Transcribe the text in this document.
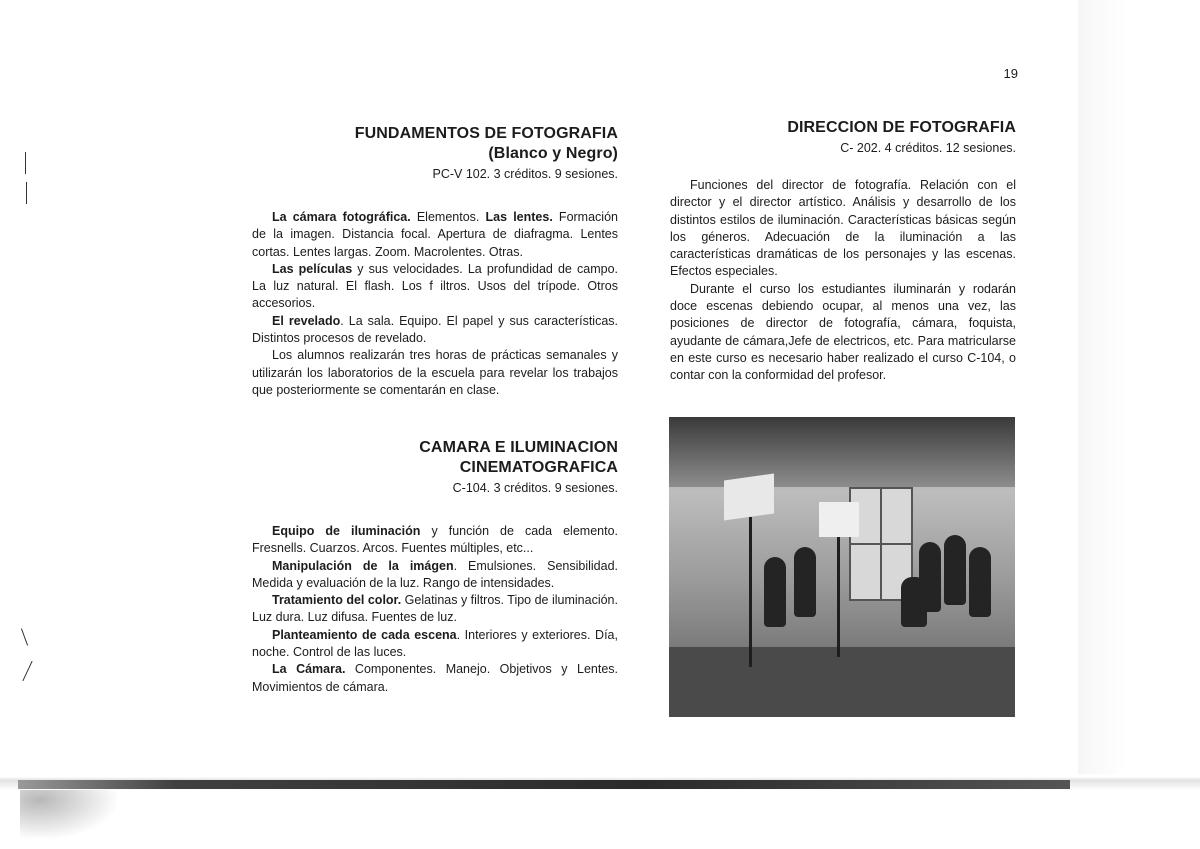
19
FUNDAMENTOS DE FOTOGRAFIA
(Blanco y Negro)
PC-V 102. 3 créditos. 9 sesiones.

La cámara fotográfica. Elementos. Las lentes. Formación de la imagen. Distancia focal. Apertura de diafragma. Lentes cortas. Lentes largas. Zoom. Macrolentes. Otras.

Las películas y sus velocidades. La profundidad de campo. La luz natural. El flash. Los f iltros. Usos del trípode. Otros accesorios.

El revelado. La sala. Equipo. El papel y sus características. Distintos procesos de revelado.

Los alumnos realizarán tres horas de prácticas semanales y utilizarán los laboratorios de la escuela para revelar los trabajos que posteriormente se comentarán en clase.

CAMARA E ILUMINACION
CINEMATOGRAFICA
C-104. 3 créditos. 9 sesiones.

Equipo de iluminación y función de cada elemento. Fresnells. Cuarzos. Arcos. Fuentes múltiples, etc...

Manipulación de la imágen. Emulsiones. Sensibilidad. Medida y evaluación de la luz. Rango de intensidades.

Tratamiento del color. Gelatinas y filtros. Tipo de iluminación. Luz dura. Luz difusa. Fuentes de luz.

Planteamiento de cada escena. Interiores y exteriores. Día, noche. Control de las luces.

La Cámara. Componentes. Manejo. Objetivos y Lentes. Movimientos de cámara.

DIRECCION DE FOTOGRAFIA
C- 202. 4 créditos. 12 sesiones.

Funciones del director de fotografía. Relación con el director y el director artístico. Análisis y desarrollo de los distintos estilos de iluminación. Características básicas según los géneros. Adecuación de la iluminación a las características dramáticas de los personajes y las escenas. Efectos especiales.

Durante el curso los estudiantes iluminarán y rodarán doce escenas debiendo ocupar, al menos una vez, las posiciones de director de fotografía, cámara, foquista, ayudante de cámara,Jefe de electricos, etc. Para matricularse en este curso es necesario haber realizado el curso C-104, o contar con la conformidad del profesor.
